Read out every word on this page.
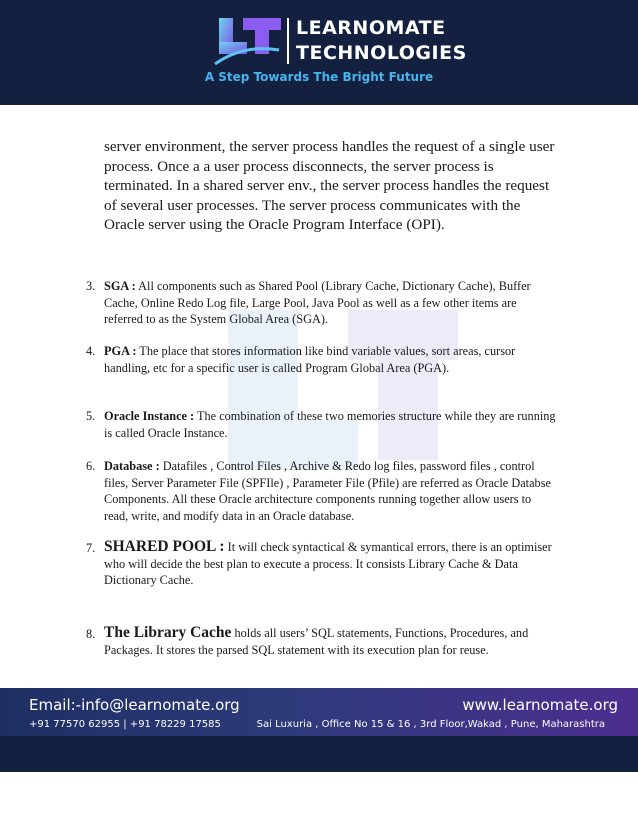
LEARNOMATE
TECHNOLOGIES
A Step Towards The Bright Future

server environment, the server process handles the request of a single user process. Once a a user process disconnects, the server process is terminated. In a shared server env., the server process handles the request of several user processes. The server process communicates with the Oracle server using the Oracle Program Interface (OPI).

3. SGA : All components such as Shared Pool (Library Cache, Dictionary Cache), Buffer Cache, Online Redo Log file, Large Pool, Java Pool as well as a few other items are referred to as the System Global Area (SGA).
4. PGA : The place that stores information like bind variable values, sort areas, cursor handling, etc for a specific user is called Program Global Area (PGA).
5. Oracle Instance : The combination of these two memories structure while they are running is called Oracle Instance.
6. Database : Datafiles , Control Files , Archive & Redo log files, password files , control files, Server Parameter File (SPFIle) , Parameter File (Pfile) are referred as Oracle Databse Components. All these Oracle architecture components running together allow users to read, write, and modify data in an Oracle database.
7. SHARED POOL : It will check syntactical & symantical errors, there is an optimiser who will decide the best plan to execute a process. It consists Library Cache & Data Dictionary Cache.
8. The Library Cache holds all users’ SQL statements, Functions, Procedures, and Packages. It stores the parsed SQL statement with its execution plan for reuse.
Email:-info@learnomate.org	www.learnomate.org
+91 77570 62955 | +91 78229 17585	Sai Luxuria , Office No 15 & 16 , 3rd Floor,Wakad , Pune, Maharashtra
